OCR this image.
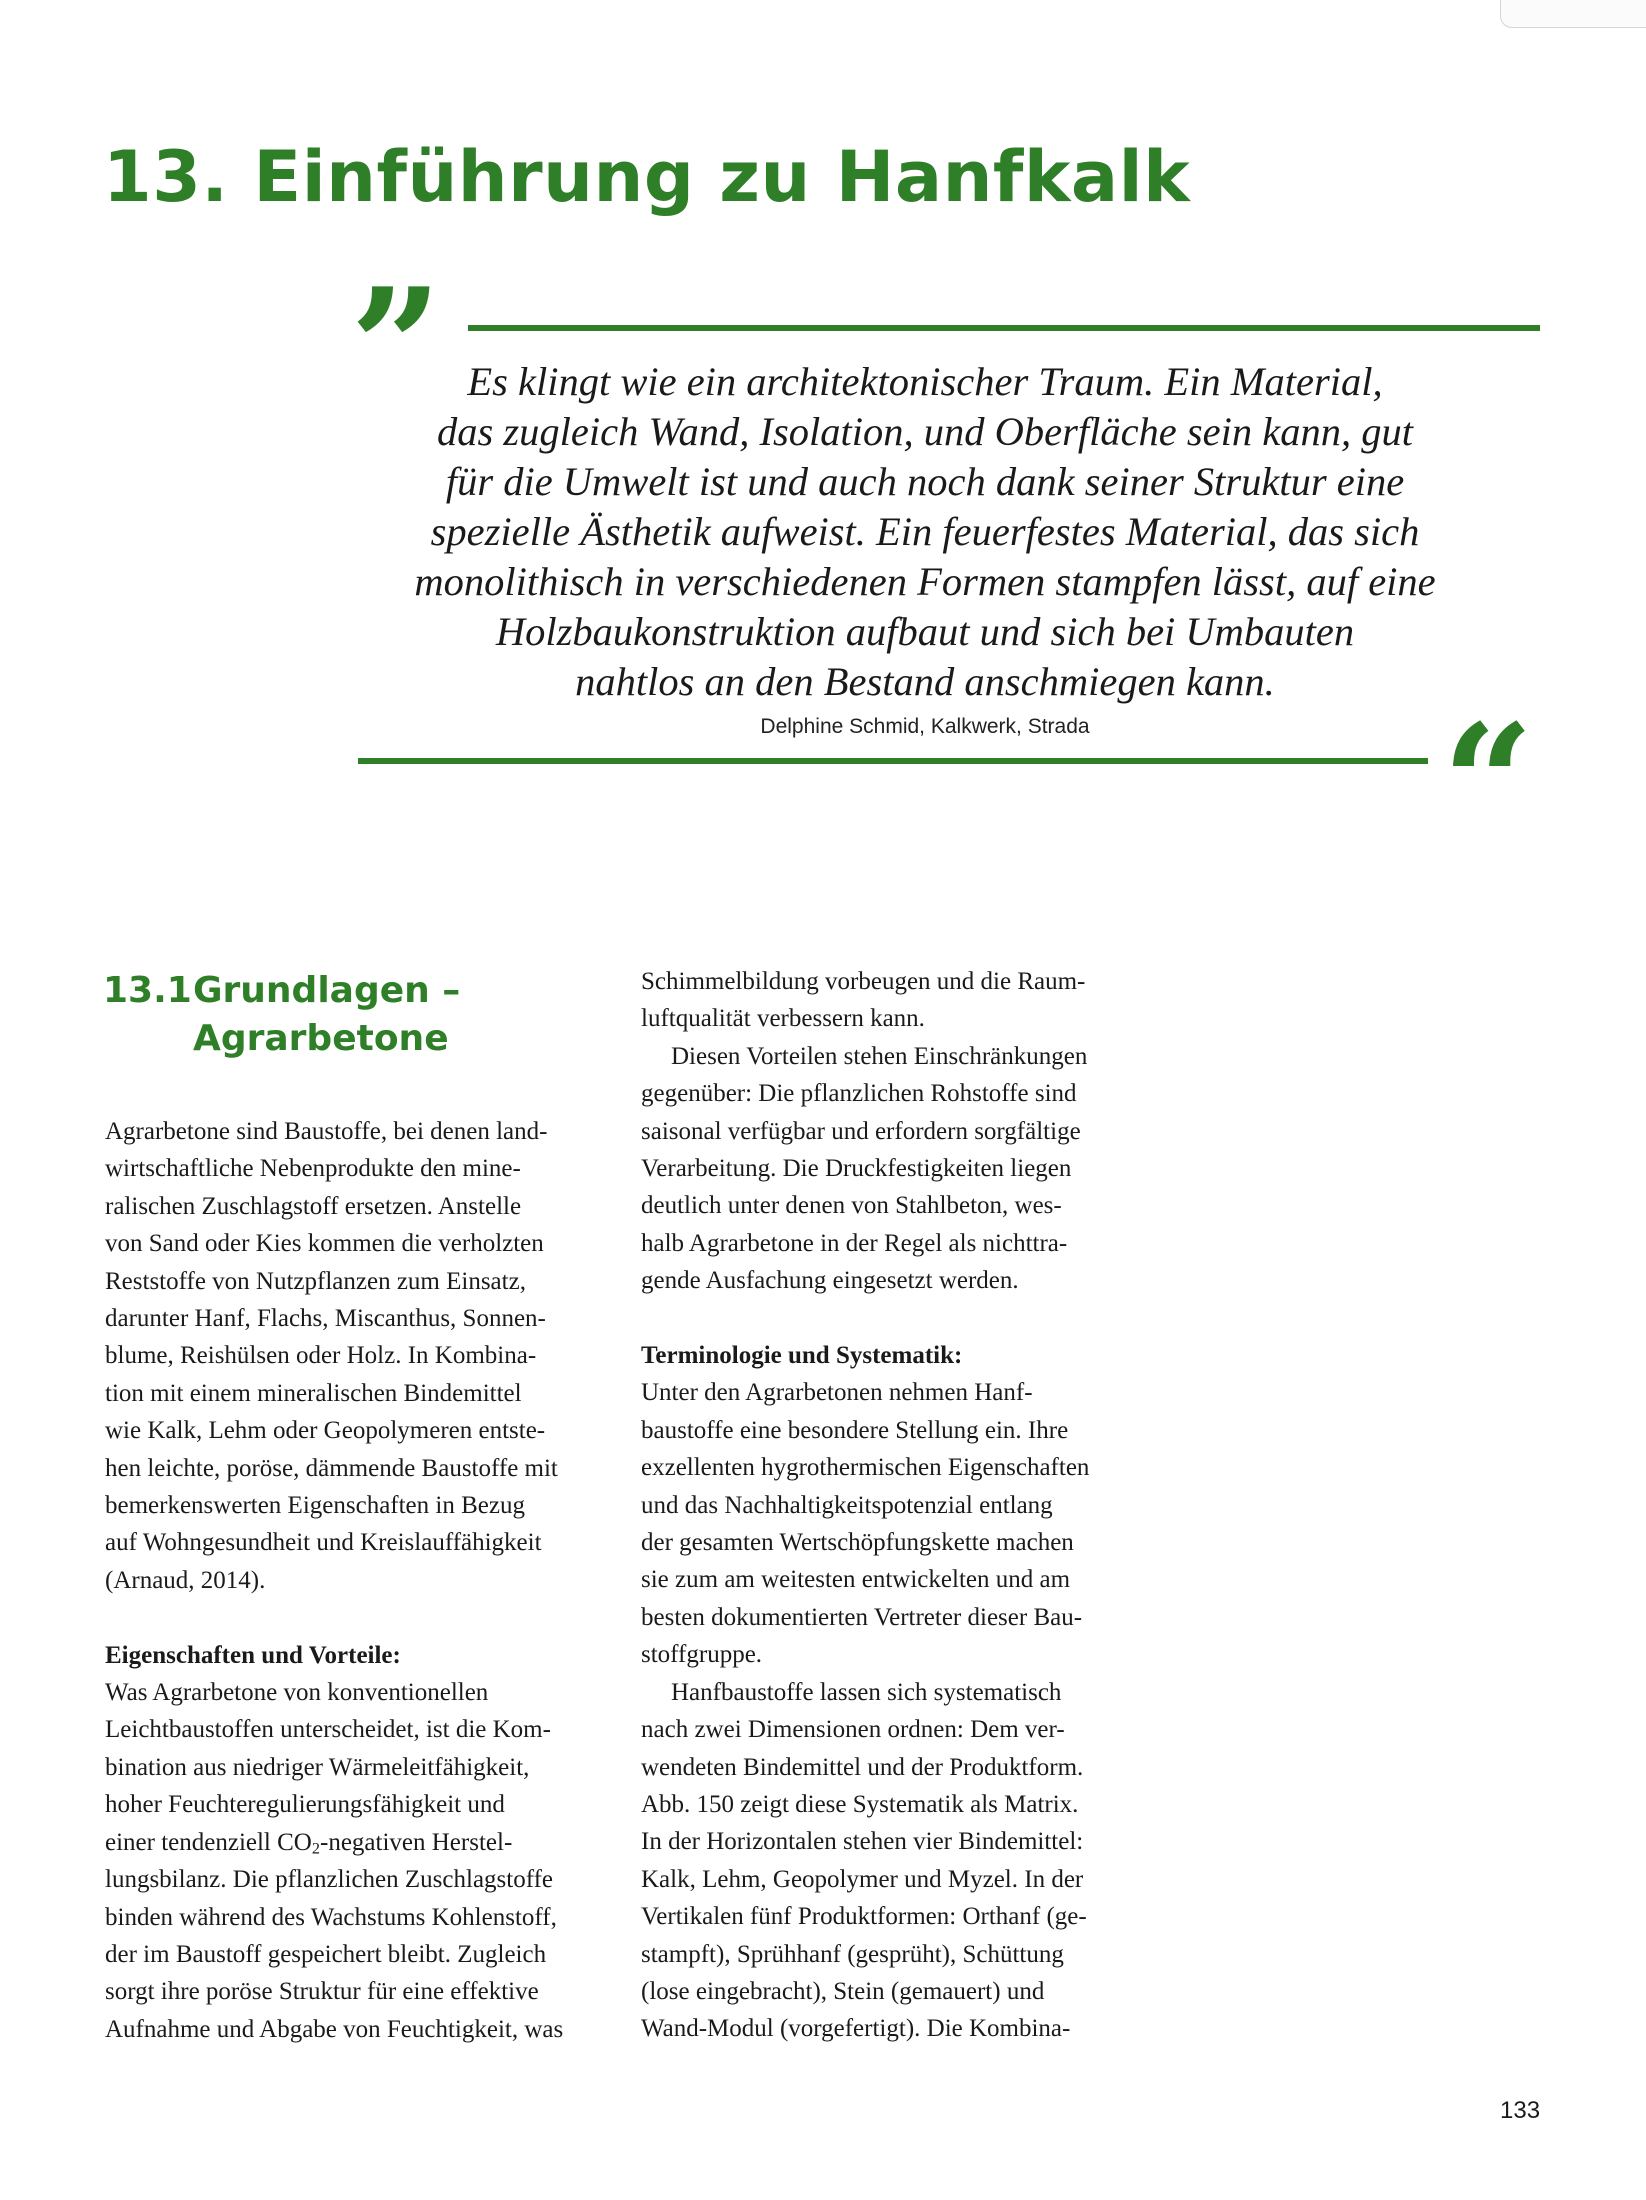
13. Einführung zu Hanfkalk
” Es klingt wie ein architektonischer Traum. Ein Material,
das zugleich Wand, Isolation, und Oberfläche sein kann, gut
für die Umwelt ist und auch noch dank seiner Struktur eine
spezielle Ästhetik aufweist. Ein feuerfestes Material, das sich
monolithisch in verschiedenen Formen stampfen lässt, auf eine
Holzbaukonstruktion aufbaut und sich bei Umbauten
nahtlos an den Bestand anschmiegen kann.

Delphine Schmid, Kalkwerk, Strada	“
13.1Grundlagen –
Agrarbetone

Agrarbetone sind Baustoffe, bei denen land-
wirtschaftliche Nebenprodukte den mine-
ralischen Zuschlagstoff ersetzen. Anstelle
von Sand oder Kies kommen die verholzten
Reststoffe von Nutzpflanzen zum Einsatz,
darunter Hanf, Flachs, Miscanthus, Sonnen-
blume, Reishülsen oder Holz. In Kombina-
tion mit einem mineralischen Bindemittel
wie Kalk, Lehm oder Geopolymeren entste-
hen leichte, poröse, dämmende Baustoffe mit
bemerkenswerten Eigenschaften in Bezug
auf Wohngesundheit und Kreislauffähigkeit
(Arnaud, 2014).

Eigenschaften und Vorteile:
Was Agrarbetone von konventionellen
Leichtbaustoffen unterscheidet, ist die Kom-
bination aus niedriger Wärmeleitfähigkeit,
hoher Feuchteregulierungsfähigkeit und
einer tendenziell $CO_2$-negativen Herstel-
lungsbilanz. Die pflanzlichen Zuschlagstoffe
binden während des Wachstums Kohlenstoff,
der im Baustoff gespeichert bleibt. Zugleich
sorgt ihre poröse Struktur für eine effektive
Aufnahme und Abgabe von Feuchtigkeit, was

Schimmelbildung vorbeugen und die Raum-
luftqualität verbessern kann.

Diesen Vorteilen stehen Einschränkungen
gegenüber: Die pflanzlichen Rohstoffe sind
saisonal verfügbar und erfordern sorgfältige
Verarbeitung. Die Druckfestigkeiten liegen
deutlich unter denen von Stahlbeton, wes-
halb Agrarbetone in der Regel als nichttra-
gende Ausfachung eingesetzt werden.

Terminologie und Systematik:
Unter den Agrarbetonen nehmen Hanf-
baustoffe eine besondere Stellung ein. Ihre
exzellenten hygrothermischen Eigenschaften
und das Nachhaltigkeitspotenzial entlang
der gesamten Wertschöpfungskette machen
sie zum am weitesten entwickelten und am
besten dokumentierten Vertreter dieser Bau-
stoffgruppe.

Hanfbaustoffe lassen sich systematisch
nach zwei Dimensionen ordnen: Dem ver-
wendeten Bindemittel und der Produktform.
Abb. 150 zeigt diese Systematik als Matrix.
In der Horizontalen stehen vier Bindemittel:
Kalk, Lehm, Geopolymer und Myzel. In der
Vertikalen fünf Produktformen: Orthanf (ge-
stampft), Sprühhanf (gesprüht), Schüttung
(lose eingebracht), Stein (gemauert) und
Wand-Modul (vorgefertigt). Die Kombina-

133
